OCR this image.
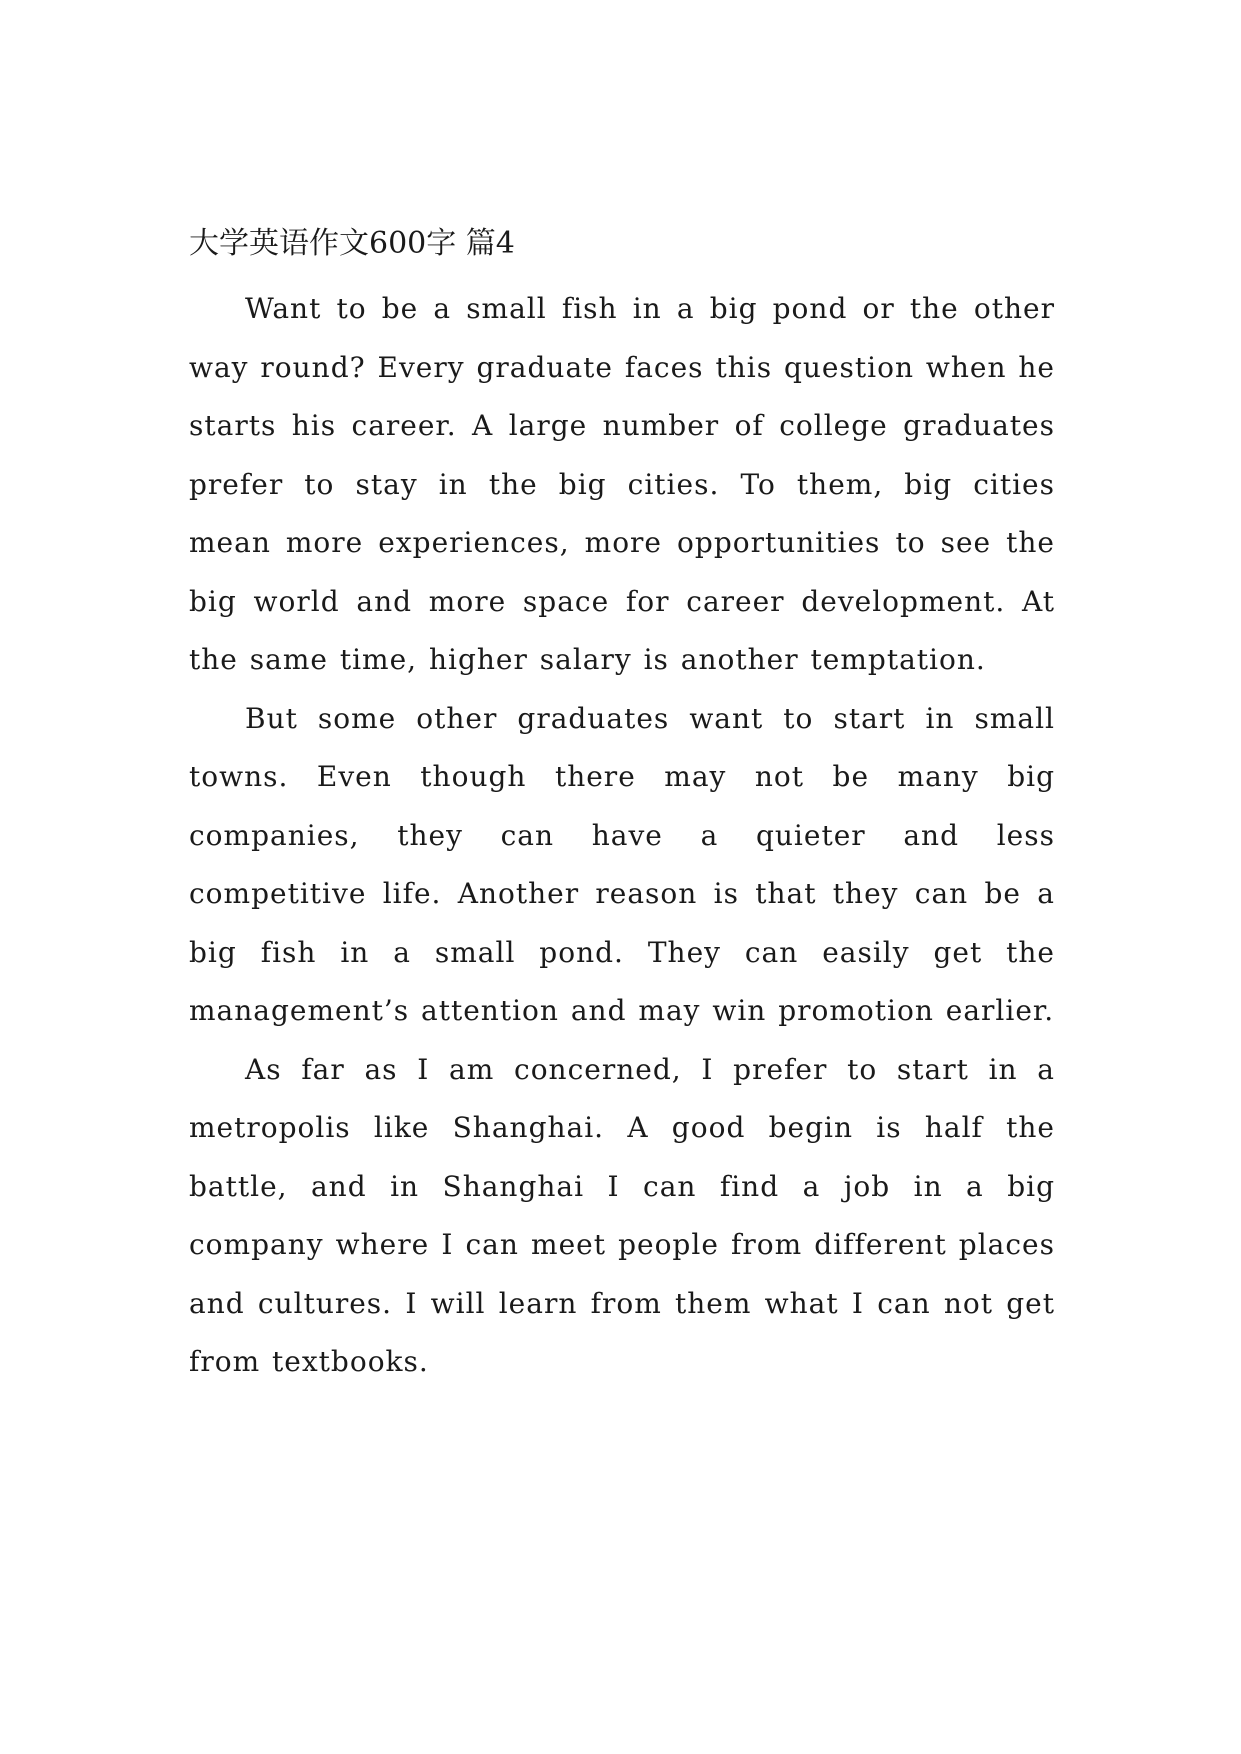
大学英语作文600字 篇4

Want to be a small fish in a big pond or the other way round? Every graduate faces this question when he starts his career. A large number of college graduates prefer to stay in the big cities. To them, big cities mean more experiences, more opportunities to see the big world and more space for career development. At the same time, higher salary is another temptation.

But some other graduates want to start in small towns. Even though there may not be many big companies, they can have a quieter and less competitive life. Another reason is that they can be a big fish in a small pond. They can easily get the management’s attention and may win promotion earlier.

As far as I am concerned, I prefer to start in a metropolis like Shanghai. A good begin is half the battle, and in Shanghai I can find a job in a big company where I can meet people from different places and cultures. I will learn from them what I can not get from textbooks.
